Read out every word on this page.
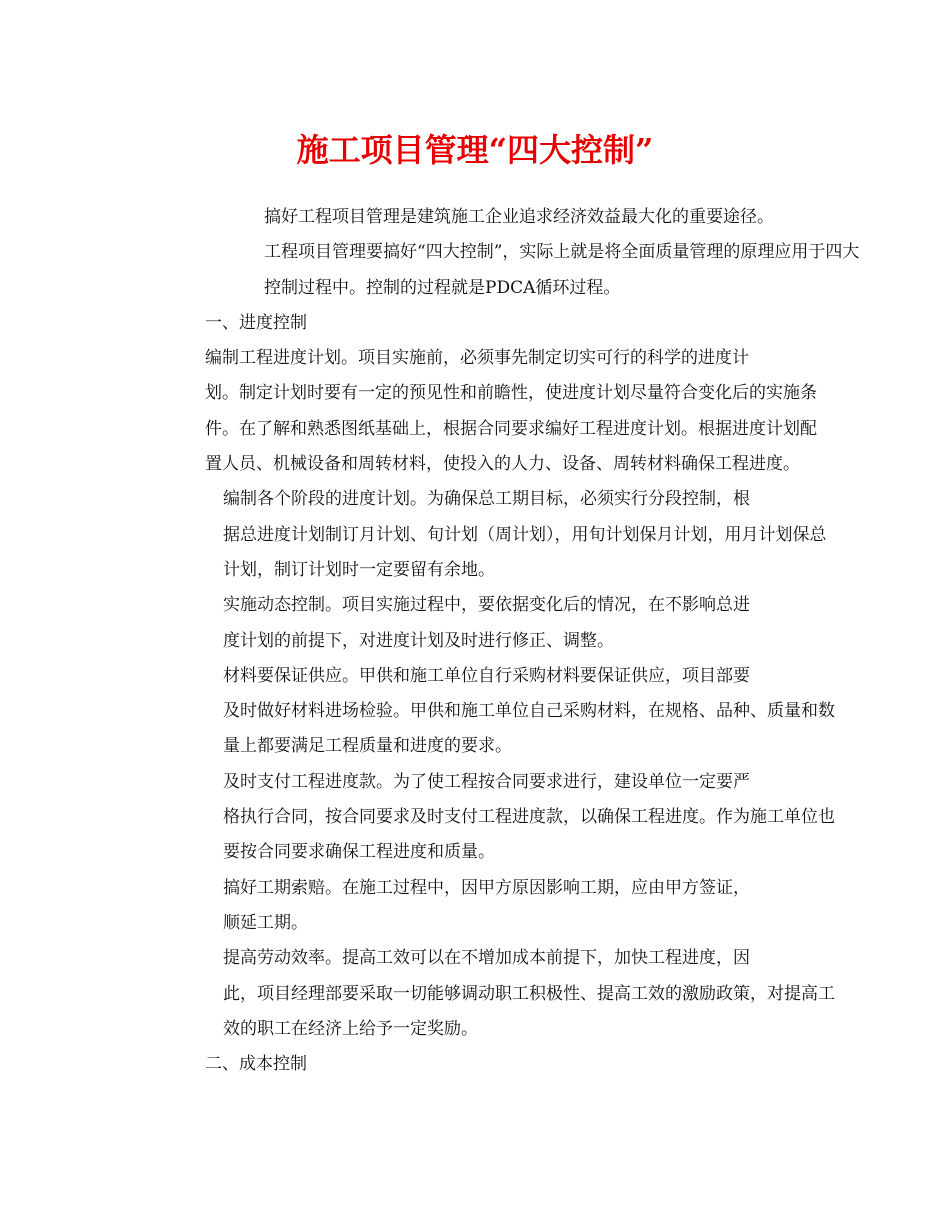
施工项目管理“四大控制”

搞好工程项目管理是建筑施工企业追求经济效益最大化的重要途径。
工程项目管理要搞好“四大控制”，实际上就是将全面质量管理的原理应用于四大
控制过程中。控制的过程就是PDCA循环过程。

一、进度控制

编制工程进度计划。项目实施前，必须事先制定切实可行的科学的进度计
划。制定计划时要有一定的预见性和前瞻性，使进度计划尽量符合变化后的实施条
件。在了解和熟悉图纸基础上，根据合同要求编好工程进度计划。根据进度计划配
置人员、机械设备和周转材料，使投入的人力、设备、周转材料确保工程进度。

编制各个阶段的进度计划。为确保总工期目标，必须实行分段控制，根
据总进度计划制订月计划、旬计划（周计划），用旬计划保月计划，用月计划保总
计划，制订计划时一定要留有余地。

实施动态控制。项目实施过程中，要依据变化后的情况，在不影响总进
度计划的前提下，对进度计划及时进行修正、调整。

材料要保证供应。甲供和施工单位自行采购材料要保证供应，项目部要
及时做好材料进场检验。甲供和施工单位自己采购材料，在规格、品种、质量和数
量上都要满足工程质量和进度的要求。

及时支付工程进度款。为了使工程按合同要求进行，建设单位一定要严
格执行合同，按合同要求及时支付工程进度款，以确保工程进度。作为施工单位也
要按合同要求确保工程进度和质量。

搞好工期索赔。在施工过程中，因甲方原因影响工期，应由甲方签证，
顺延工期。

提高劳动效率。提高工效可以在不增加成本前提下，加快工程进度，因
此，项目经理部要采取一切能够调动职工积极性、提高工效的激励政策，对提高工
效的职工在经济上给予一定奖励。

二、成本控制
